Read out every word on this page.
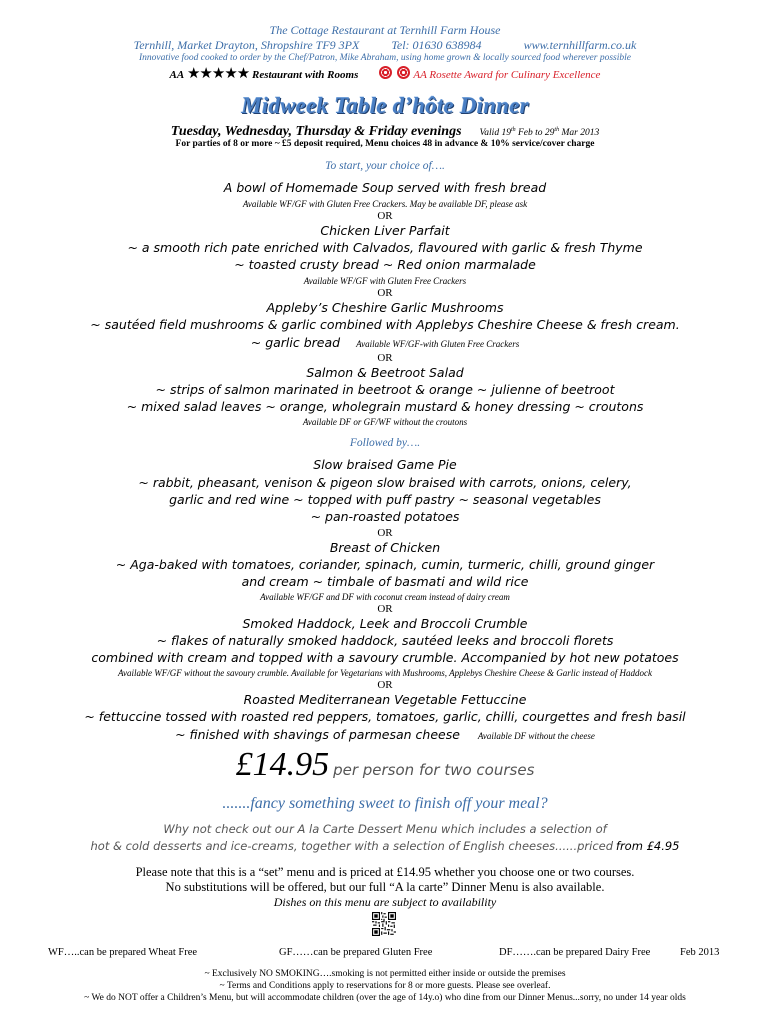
The Cottage Restaurant at Ternhill Farm House
Ternhill, Market Drayton, Shropshire TF9 3PX	Tel: 01630 638984	www.ternhillfarm.co.uk
Innovative food cooked to order by the Chef/Patron, Mike Abraham, using home grown & locally sourced food wherever possible
AA ★★★★★ Restaurant with Rooms	AA Rosette Award for Culinary Excellence
Midweek Table d’hôte Dinner
Tuesday, Wednesday, Thursday & Friday evenings Valid 19th Feb to 29th Mar 2013
For parties of 8 or more ~ £5 deposit required, Menu choices 48 in advance & 10% service/cover charge
To start, your choice of….
A bowl of Homemade Soup served with fresh bread
Available WF/GF with Gluten Free Crackers. May be available DF, please ask
OR
Chicken Liver Parfait
~ a smooth rich pate enriched with Calvados, flavoured with garlic & fresh Thyme
~ toasted crusty bread ~ Red onion marmalade
Available WF/GF with Gluten Free Crackers
OR
Appleby’s Cheshire Garlic Mushrooms
~ sautéed field mushrooms & garlic combined with Applebys Cheshire Cheese & fresh cream.
~ garlic bread Available WF/GF-with Gluten Free Crackers
OR
Salmon & Beetroot Salad
~ strips of salmon marinated in beetroot & orange ~ julienne of beetroot
~ mixed salad leaves ~ orange, wholegrain mustard & honey dressing ~ croutons
Available DF or GF/WF without the croutons
Followed by….
Slow braised Game Pie
~ rabbit, pheasant, venison & pigeon slow braised with carrots, onions, celery,
garlic and red wine ~ topped with puff pastry ~ seasonal vegetables
~ pan-roasted potatoes
OR
Breast of Chicken
~ Aga-baked with tomatoes, coriander, spinach, cumin, turmeric, chilli, ground ginger
and cream ~ timbale of basmati and wild rice
Available WF/GF and DF with coconut cream instead of dairy cream
OR
Smoked Haddock, Leek and Broccoli Crumble
~ flakes of naturally smoked haddock, sautéed leeks and broccoli florets
combined with cream and topped with a savoury crumble. Accompanied by hot new potatoes
Available WF/GF without the savoury crumble. Available for Vegetarians with Mushrooms, Applebys Cheshire Cheese & Garlic instead of Haddock
OR
Roasted Mediterranean Vegetable Fettuccine
~ fettuccine tossed with roasted red peppers, tomatoes, garlic, chilli, courgettes and fresh basil
~ finished with shavings of parmesan cheese Available DF without the cheese
£14.95 per person for two courses
.......fancy something sweet to finish off your meal?
Why not check out our A la Carte Dessert Menu which includes a selection of
hot & cold desserts and ice-creams, together with a selection of English cheeses......priced from £4.95
Please note that this is a “set” menu and is priced at £14.95 whether you choose one or two courses.
No substitutions will be offered, but our full “A la carte” Dinner Menu is also available.
Dishes on this menu are subject to availability
WF…..can be prepared Wheat Free	GF……can be prepared Gluten Free	DF…….can be prepared Dairy Free	Feb 2013
~ Exclusively NO SMOKING….smoking is not permitted either inside or outside the premises
~ Terms and Conditions apply to reservations for 8 or more guests. Please see overleaf.
~ We do NOT offer a Children’s Menu, but will accommodate children (over the age of 14y.o) who dine from our Dinner Menus...sorry, no under 14 year olds
